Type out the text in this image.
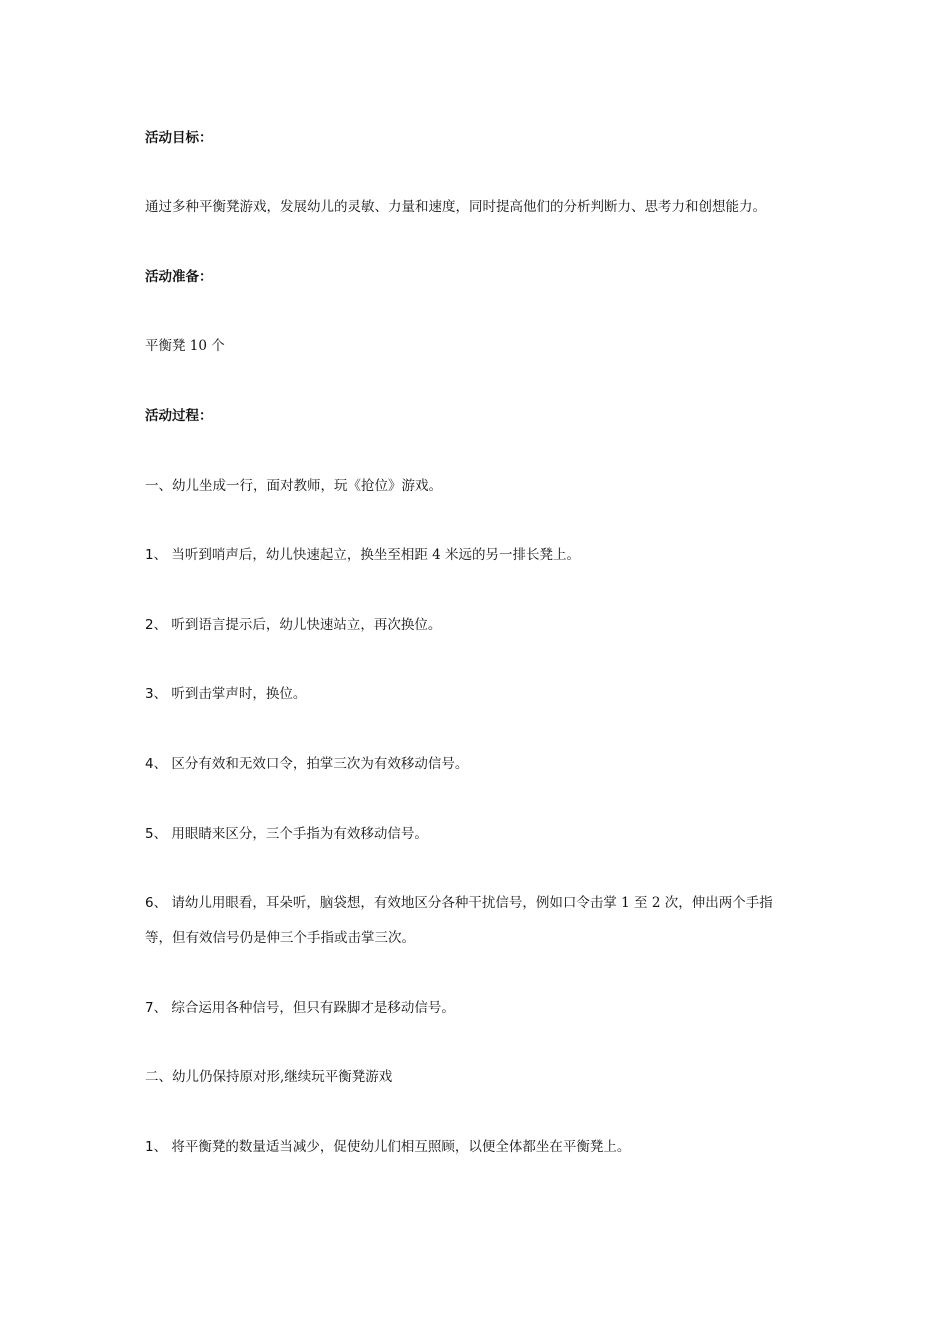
活动目标：
通过多种平衡凳游戏，发展幼儿的灵敏、力量和速度，同时提高他们的分析判断力、思考力和创想能力。
活动准备：
平衡凳 10 个
活动过程：
一、幼儿坐成一行，面对教师，玩《抢位》游戏。
1、 当听到哨声后，幼儿快速起立，换坐至相距 4 米远的另一排长凳上。
2、 听到语言提示后，幼儿快速站立，再次换位。
3、 听到击掌声时，换位。
4、 区分有效和无效口令，拍掌三次为有效移动信号。
5、 用眼睛来区分，三个手指为有效移动信号。
6、 请幼儿用眼看，耳朵听，脑袋想，有效地区分各种干扰信号，例如口令击掌 1 至 2 次，伸出两个手指
等，但有效信号仍是伸三个手指或击掌三次。
7、 综合运用各种信号，但只有跺脚才是移动信号。
二、幼儿仍保持原对形,继续玩平衡凳游戏
1、 将平衡凳的数量适当减少，促使幼儿们相互照顾，以便全体都坐在平衡凳上。
